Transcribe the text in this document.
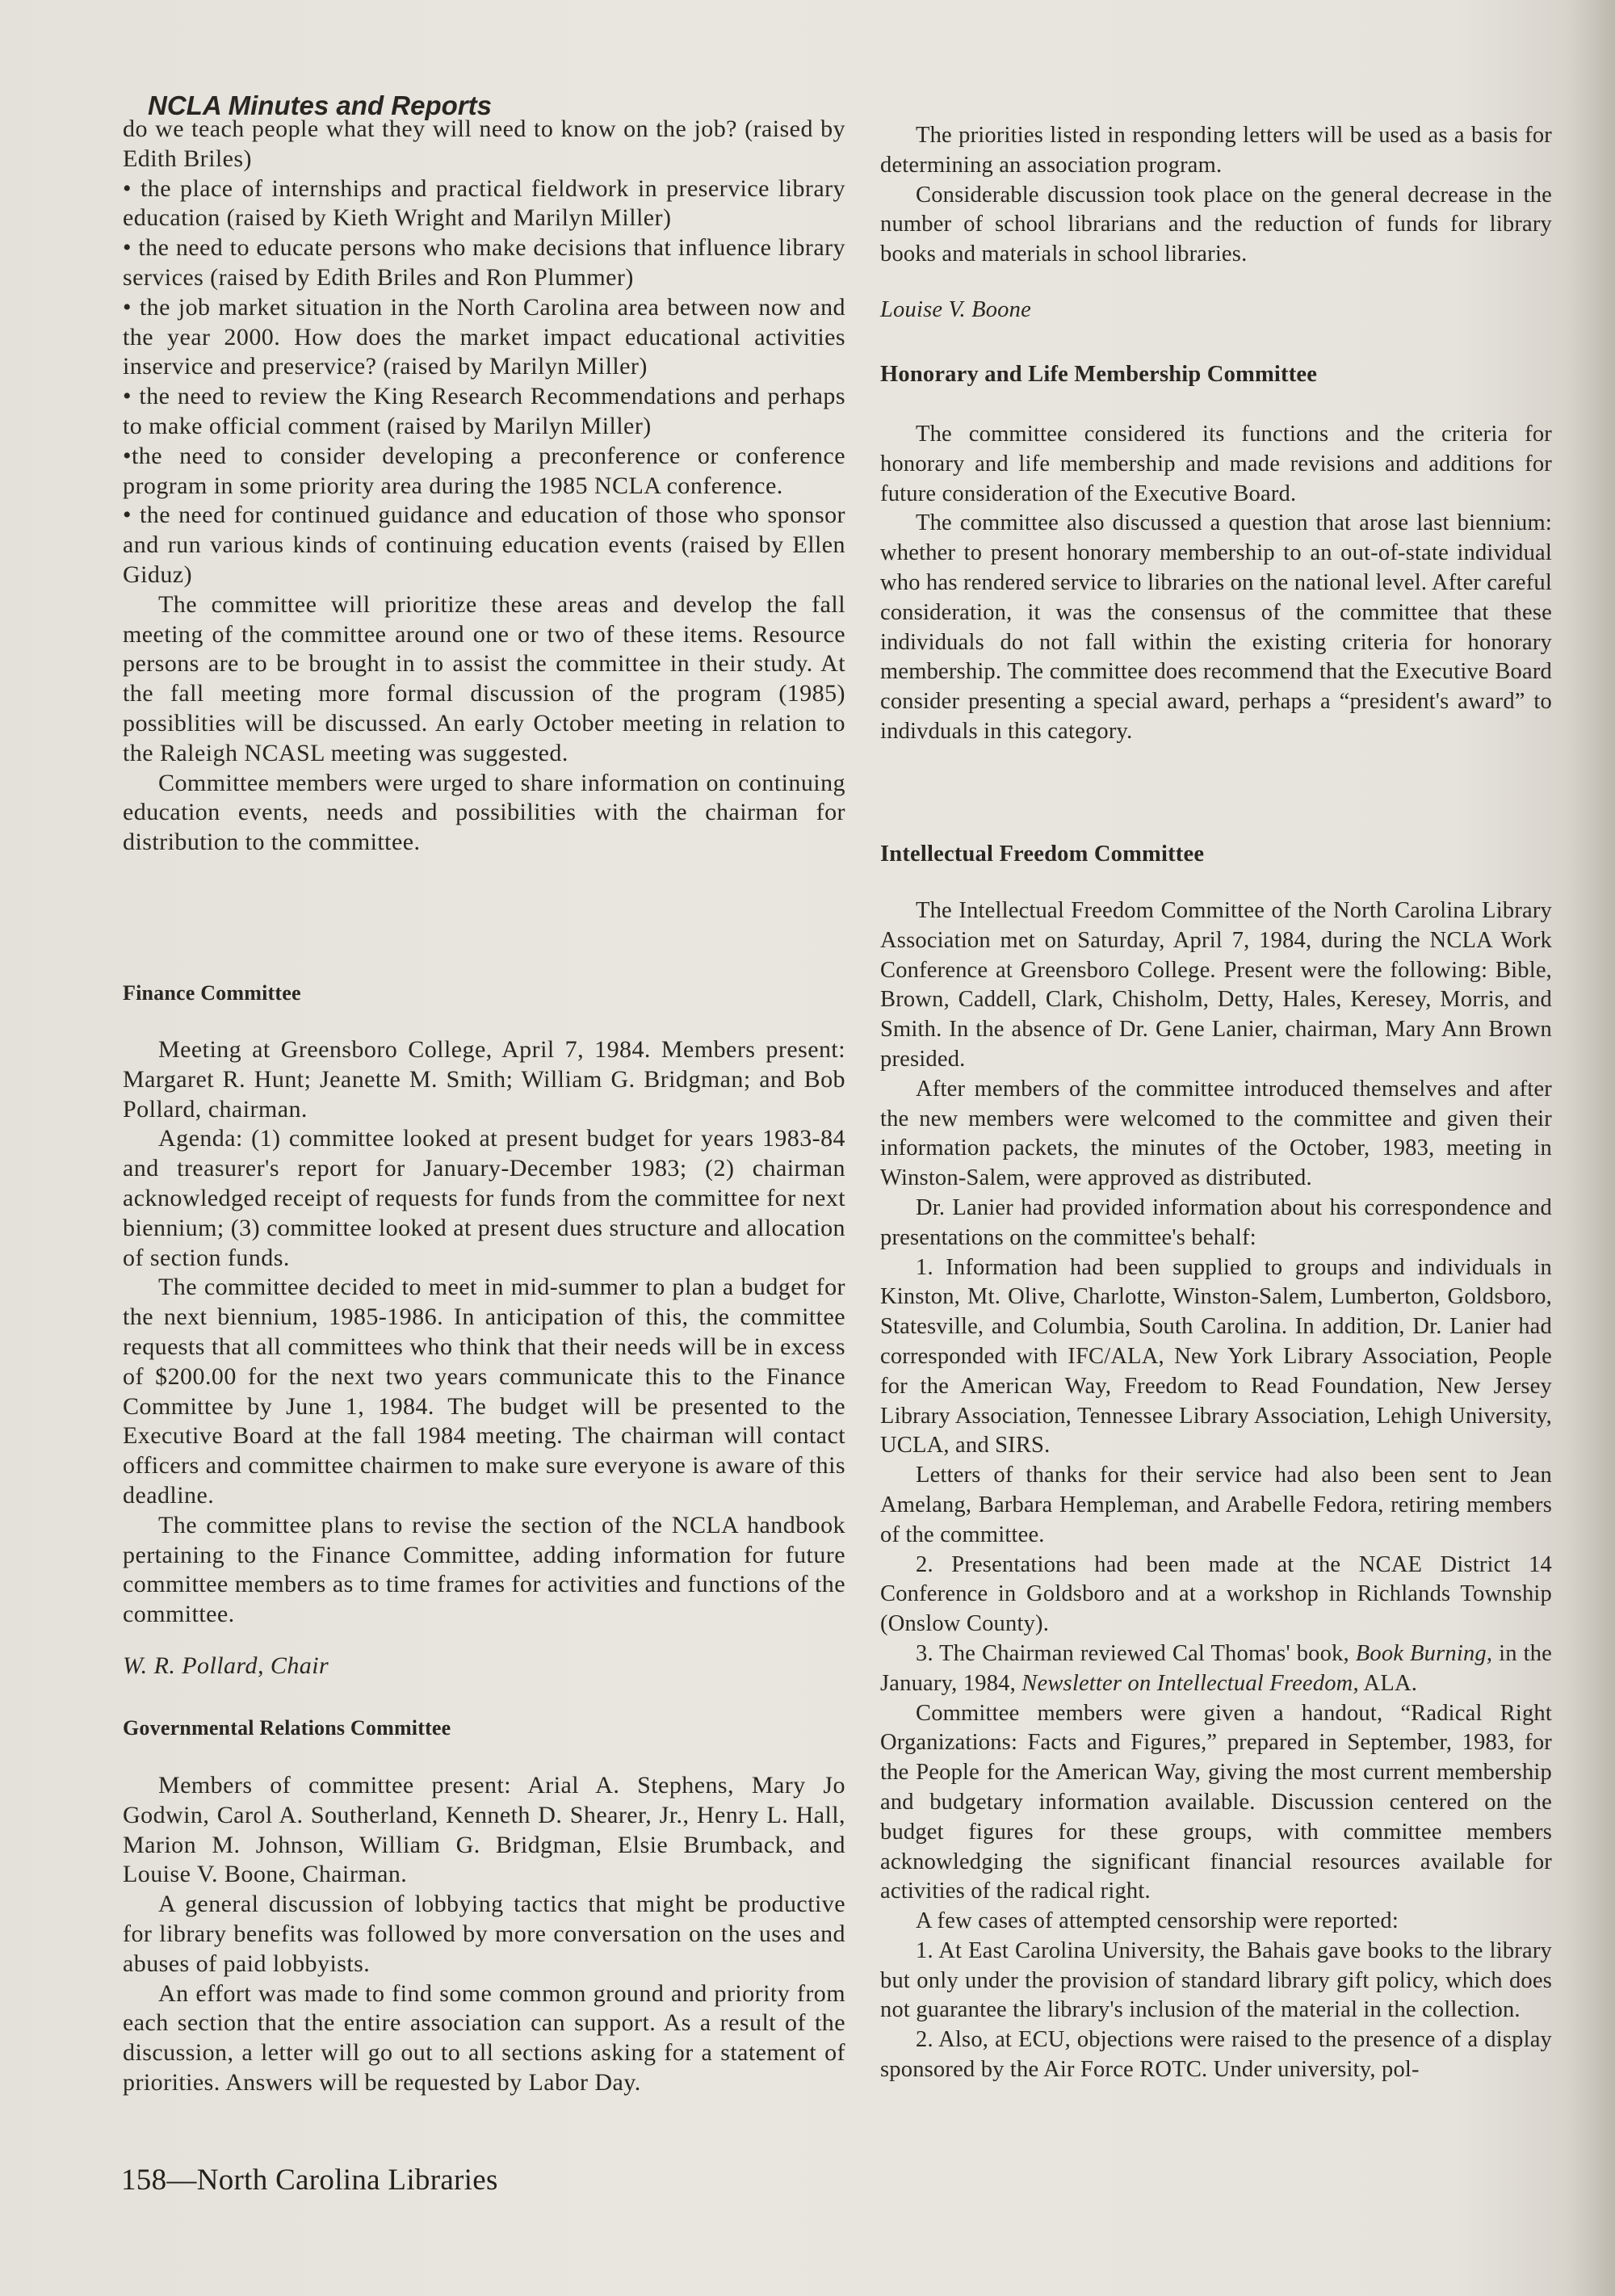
NCLA Minutes and Reports

do we teach people what they will need to know on the job? (raised by Edith Briles)

• the place of internships and practical fieldwork in preservice library education (raised by Kieth Wright and Marilyn Miller)

• the need to educate persons who make decisions that influence library services (raised by Edith Briles and Ron Plummer)

• the job market situation in the North Carolina area between now and the year 2000. How does the market impact educational activities inservice and preservice? (raised by Marilyn Miller)

• the need to review the King Research Recommendations and perhaps to make official comment (raised by Marilyn Miller)

•the need to consider developing a preconference or conference program in some priority area during the 1985 NCLA conference.

• the need for continued guidance and education of those who sponsor and run various kinds of continuing education events (raised by Ellen Giduz)

The committee will prioritize these areas and develop the fall meeting of the committee around one or two of these items. Resource persons are to be brought in to assist the committee in their study. At the fall meeting more formal discussion of the program (1985) possiblities will be discussed. An early October meeting in relation to the Raleigh NCASL meeting was suggested.

Committee members were urged to share information on continuing education events, needs and possibilities with the chairman for distribution to the committee.

Finance Committee

Meeting at Greensboro College, April 7, 1984. Members present: Margaret R. Hunt; Jeanette M. Smith; William G. Bridgman; and Bob Pollard, chairman.

Agenda: (1) committee looked at present budget for years 1983-84 and treasurer's report for January-December 1983; (2) chairman acknowledged receipt of requests for funds from the committee for next biennium; (3) committee looked at present dues structure and allocation of section funds.

The committee decided to meet in mid-summer to plan a budget for the next biennium, 1985-1986. In anticipation of this, the committee requests that all committees who think that their needs will be in excess of $200.00 for the next two years communicate this to the Finance Committee by June 1, 1984. The budget will be presented to the Executive Board at the fall 1984 meeting. The chairman will contact officers and committee chairmen to make sure everyone is aware of this deadline.

The committee plans to revise the section of the NCLA handbook pertaining to the Finance Committee, adding information for future committee members as to time frames for activities and functions of the committee.

W. R. Pollard, Chair
Governmental Relations Committee

Members of committee present: Arial A. Stephens, Mary Jo Godwin, Carol A. Southerland, Kenneth D. Shearer, Jr., Henry L. Hall, Marion M. Johnson, William G. Bridgman, Elsie Brumback, and Louise V. Boone, Chairman.

A general discussion of lobbying tactics that might be productive for library benefits was followed by more conversation on the uses and abuses of paid lobbyists.

An effort was made to find some common ground and priority from each section that the entire association can support. As a result of the discussion, a letter will go out to all sections asking for a statement of priorities. Answers will be requested by Labor Day.

The priorities listed in responding letters will be used as a basis for determining an association program.

Considerable discussion took place on the general decrease in the number of school librarians and the reduction of funds for library books and materials in school libraries.

Louise V. Boone
Honorary and Life Membership Committee

The committee considered its functions and the criteria for honorary and life membership and made revisions and additions for future consideration of the Executive Board.

The committee also discussed a question that arose last biennium: whether to present honorary membership to an out-of-state individual who has rendered service to libraries on the national level. After careful consideration, it was the consensus of the committee that these individuals do not fall within the existing criteria for honorary membership. The committee does recommend that the Executive Board consider presenting a special award, perhaps a “president's award” to indivduals in this category.

Intellectual Freedom Committee

The Intellectual Freedom Committee of the North Carolina Library Association met on Saturday, April 7, 1984, during the NCLA Work Conference at Greensboro College. Present were the following: Bible, Brown, Caddell, Clark, Chisholm, Detty, Hales, Keresey, Morris, and Smith. In the absence of Dr. Gene Lanier, chairman, Mary Ann Brown presided.

After members of the committee introduced themselves and after the new members were welcomed to the committee and given their information packets, the minutes of the October, 1983, meeting in Winston-Salem, were approved as distributed.

Dr. Lanier had provided information about his correspondence and presentations on the committee's behalf:

1. Information had been supplied to groups and individuals in Kinston, Mt. Olive, Charlotte, Winston-Salem, Lumberton, Goldsboro, Statesville, and Columbia, South Carolina. In addition, Dr. Lanier had corresponded with IFC/ALA, New York Library Association, People for the American Way, Freedom to Read Foundation, New Jersey Library Association, Tennessee Library Association, Lehigh University, UCLA, and SIRS.

Letters of thanks for their service had also been sent to Jean Amelang, Barbara Hempleman, and Arabelle Fedora, retiring members of the committee.

2. Presentations had been made at the NCAE District 14 Conference in Goldsboro and at a workshop in Richlands Township (Onslow County).

3. The Chairman reviewed Cal Thomas' book, Book Burning, in the January, 1984, Newsletter on Intellectual Freedom, ALA.

Committee members were given a handout, “Radical Right Organizations: Facts and Figures,” prepared in September, 1983, for the People for the American Way, giving the most current membership and budgetary information available. Discussion centered on the budget figures for these groups, with committee members acknowledging the significant financial resources available for activities of the radical right.

A few cases of attempted censorship were reported:

1. At East Carolina University, the Bahais gave books to the library but only under the provision of standard library gift policy, which does not guarantee the library's inclusion of the material in the collection.

2. Also, at ECU, objections were raised to the presence of a display sponsored by the Air Force ROTC. Under university, pol-

158—North Carolina Libraries
